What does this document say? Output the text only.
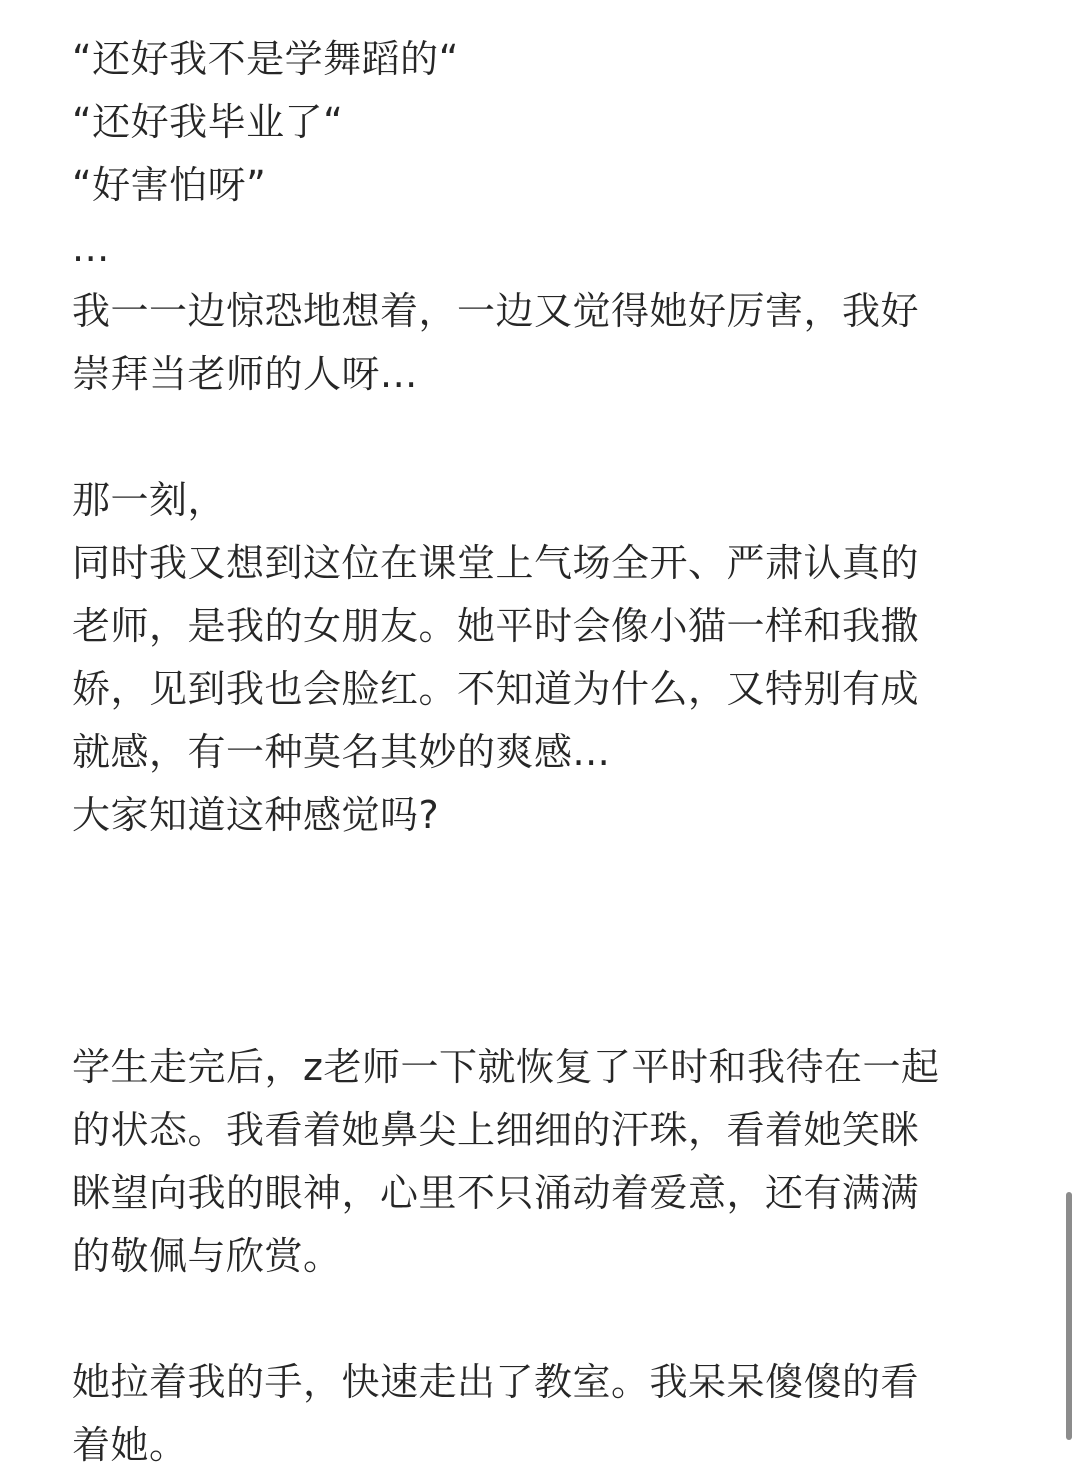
“还好我不是学舞蹈的“
“还好我毕业了“
“好害怕呀”
...
我一一边惊恐地想着，一边又觉得她好厉害，我好
崇拜当老师的人呀...
那一刻，
同时我又想到这位在课堂上气场全开、严肃认真的
老师，是我的女朋友。她平时会像小猫一样和我撒
娇，见到我也会脸红。不知道为什么，又特别有成
就感，有一种莫名其妙的爽感...
大家知道这种感觉吗?
学生走完后，z老师一下就恢复了平时和我待在一起
的状态。我看着她鼻尖上细细的汗珠，看着她笑眯
眯望向我的眼神，心里不只涌动着爱意，还有满满
的敬佩与欣赏。
她拉着我的手，快速走出了教室。我呆呆傻傻的看
着她。
